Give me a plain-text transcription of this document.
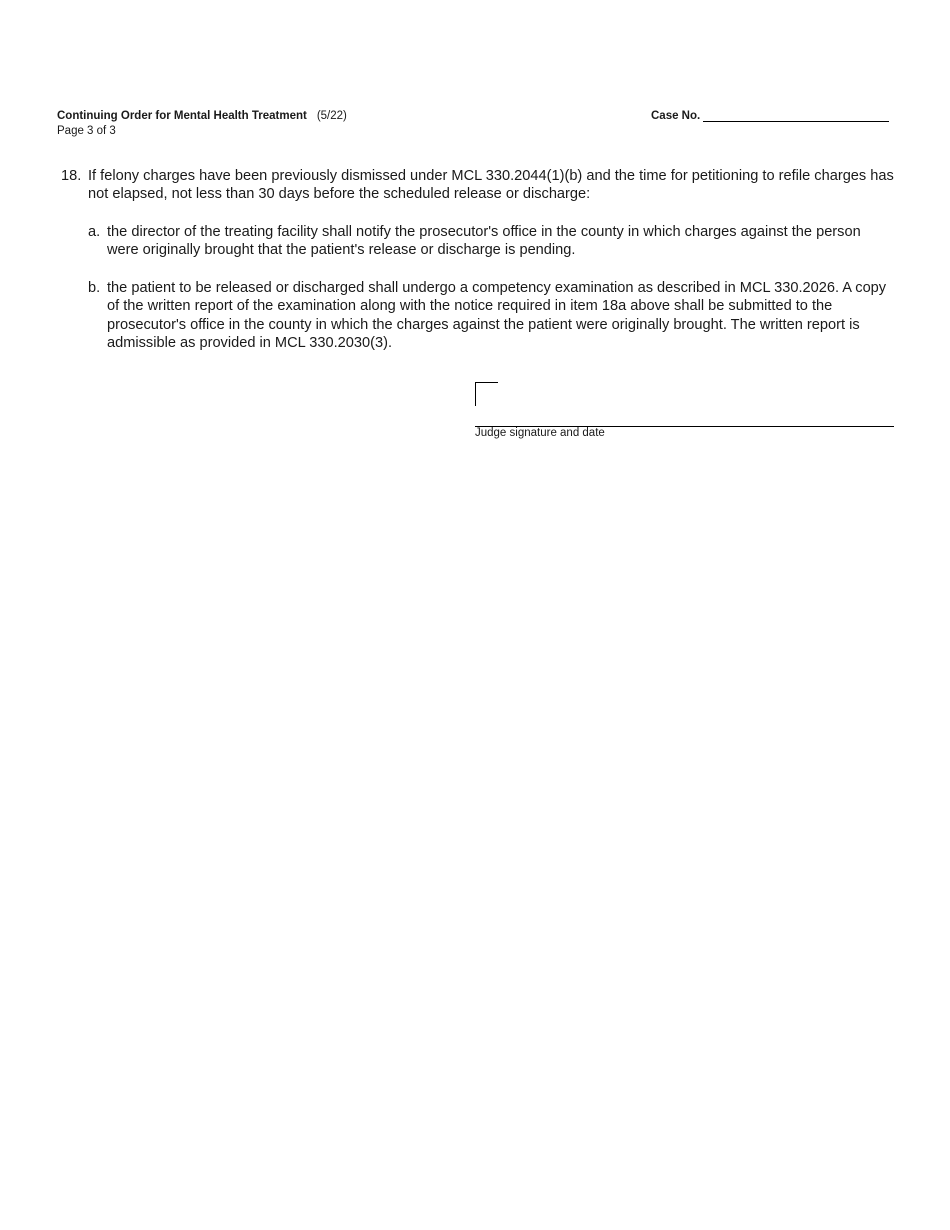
Continuing Order for Mental Health Treatment (5/22)
Page 3 of 3
Case No.
18. If felony charges have been previously dismissed under MCL 330.2044(1)(b) and the time for petitioning to refile charges has not elapsed, not less than 30 days before the scheduled release or discharge:
a. the director of the treating facility shall notify the prosecutor's office in the county in which charges against the person were originally brought that the patient's release or discharge is pending.
b. the patient to be released or discharged shall undergo a competency examination as described in MCL 330.2026. A copy of the written report of the examination along with the notice required in item 18a above shall be submitted to the prosecutor's office in the county in which the charges against the patient were originally brought. The written report is admissible as provided in MCL 330.2030(3).
Judge signature and date
